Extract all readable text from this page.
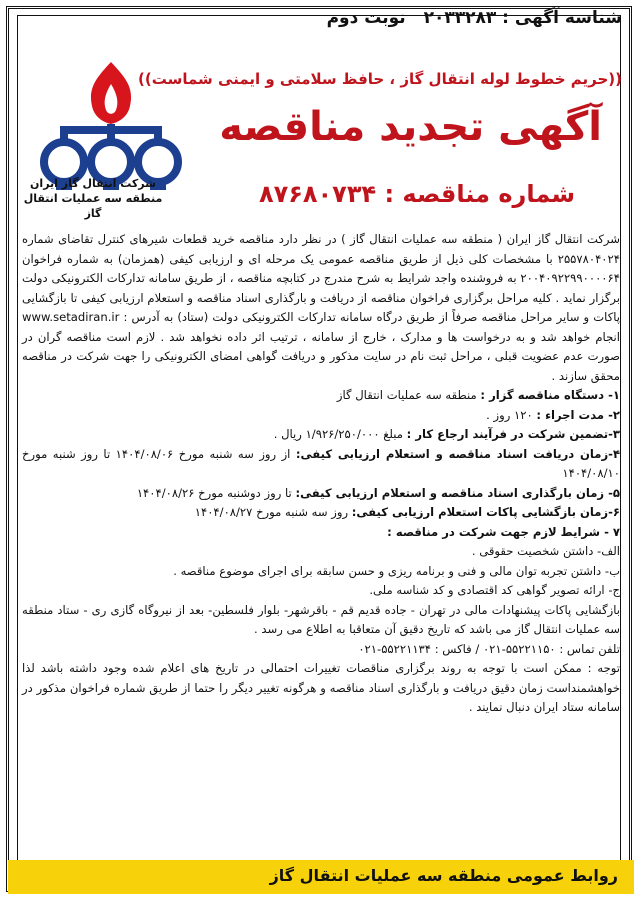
شناسه آگهی : ۲۰۳۳۲۸۳ نوبت دوم
((حریم خطوط لوله انتقال گاز ، حافظ سلامتی و ایمنی شماست))
آگهی تجدید مناقصه
شماره مناقصه : ۸۷۶۸۰۷۳۴
شرکت انتقال گاز ایران
منطقه سه عملیات انتقال گاز

شرکت انتقال گاز ایران ( منطقه سه عملیات انتقال گاز ) در نظر دارد مناقصه خرید قطعات شیرهای کنترل تقاضای شماره ۲۵۵۷۸۰۴۰۲۴ با مشخصات کلی ذیل از طریق مناقصه عمومی یک مرحله ای و ارزیابی کیفی (همزمان) به شماره فراخوان ۲۰۰۴۰۹۲۲۹۹۰۰۰۰۶۴ به فروشنده واجد شرایط به شرح مندرج در کتابچه مناقصه ، از طریق سامانه تدارکات الکترونیکی دولت برگزار نماید . کلیه مراحل برگزاری فراخوان مناقصه از دریافت و بارگذاری اسناد مناقصه و استعلام ارزیابی کیفی تا بازگشایی پاکات و سایر مراحل مناقصه صرفاً از طریق درگاه سامانه تدارکات الکترونیکی دولت (ستاد) به آدرس : www.setadiran.ir انجام خواهد شد و به درخواست ها و مدارک ، خارج از سامانه ، ترتیب اثر داده نخواهد شد . لازم است مناقصه گران در صورت عدم عضویت قبلی ، مراحل ثبت نام در سایت مذکور و دریافت گواهی امضای الکترونیکی را جهت شرکت در مناقصه محقق سازند .

۱- دستگاه مناقصه گزار : منطقه سه عملیات انتقال گاز

۲- مدت اجراء : ۱۲۰ روز .

۳-تضمین شرکت در فرآیند ارجاع کار : مبلغ ۱/۹۲۶/۲۵۰/۰۰۰ ریال .

۴-زمان دریافت اسناد مناقصه و استعلام ارزیابی کیفی: از روز سه شنبه مورخ ۱۴۰۴/۰۸/۰۶ تا روز شنبه مورخ ۱۴۰۴/۰۸/۱۰

۵- زمان بارگذاری اسناد مناقصه و استعلام ارزیابی کیفی: تا روز دوشنبه مورخ ۱۴۰۴/۰۸/۲۶

۶-زمان بازگشایی پاکات استعلام ارزیابی کیفی: روز سه شنبه مورخ ۱۴۰۴/۰۸/۲۷

۷ - شرایط لازم جهت شرکت در مناقصه :

الف- داشتن شخصیت حقوقی .

ب- داشتن تجربه توان مالی و فنی و برنامه ریزی و حسن سابقه برای اجرای موضوع مناقصه .

ج- ارائه تصویر گواهی کد اقتصادی و کد شناسه ملی.

بازگشایی پاکات پیشنهادات مالی در تهران - جاده قدیم قم - باقرشهر- بلوار فلسطین- بعد از نیروگاه گازی ری - ستاد منطقه سه عملیات انتقال گاز می باشد که تاریخ دقیق آن متعاقبا به اطلاع می رسد .

تلفن تماس : ۵۵۲۲۱۱۵۰-۰۲۱ / فاکس : ۵۵۲۲۱۱۳۴-۰۲۱

توجه : ممکن است با توجه به روند برگزاری مناقصات تغییرات احتمالی در تاریخ های اعلام شده وجود داشته باشد لذا خواهشمنداست زمان دقیق دریافت و بارگذاری اسناد مناقصه و هرگونه تغییر دیگر را حتما از طریق شماره فراخوان مذکور در سامانه ستاد ایران دنبال نمایند .

روابط عمومی منطقه سه عملیات انتقال گاز
